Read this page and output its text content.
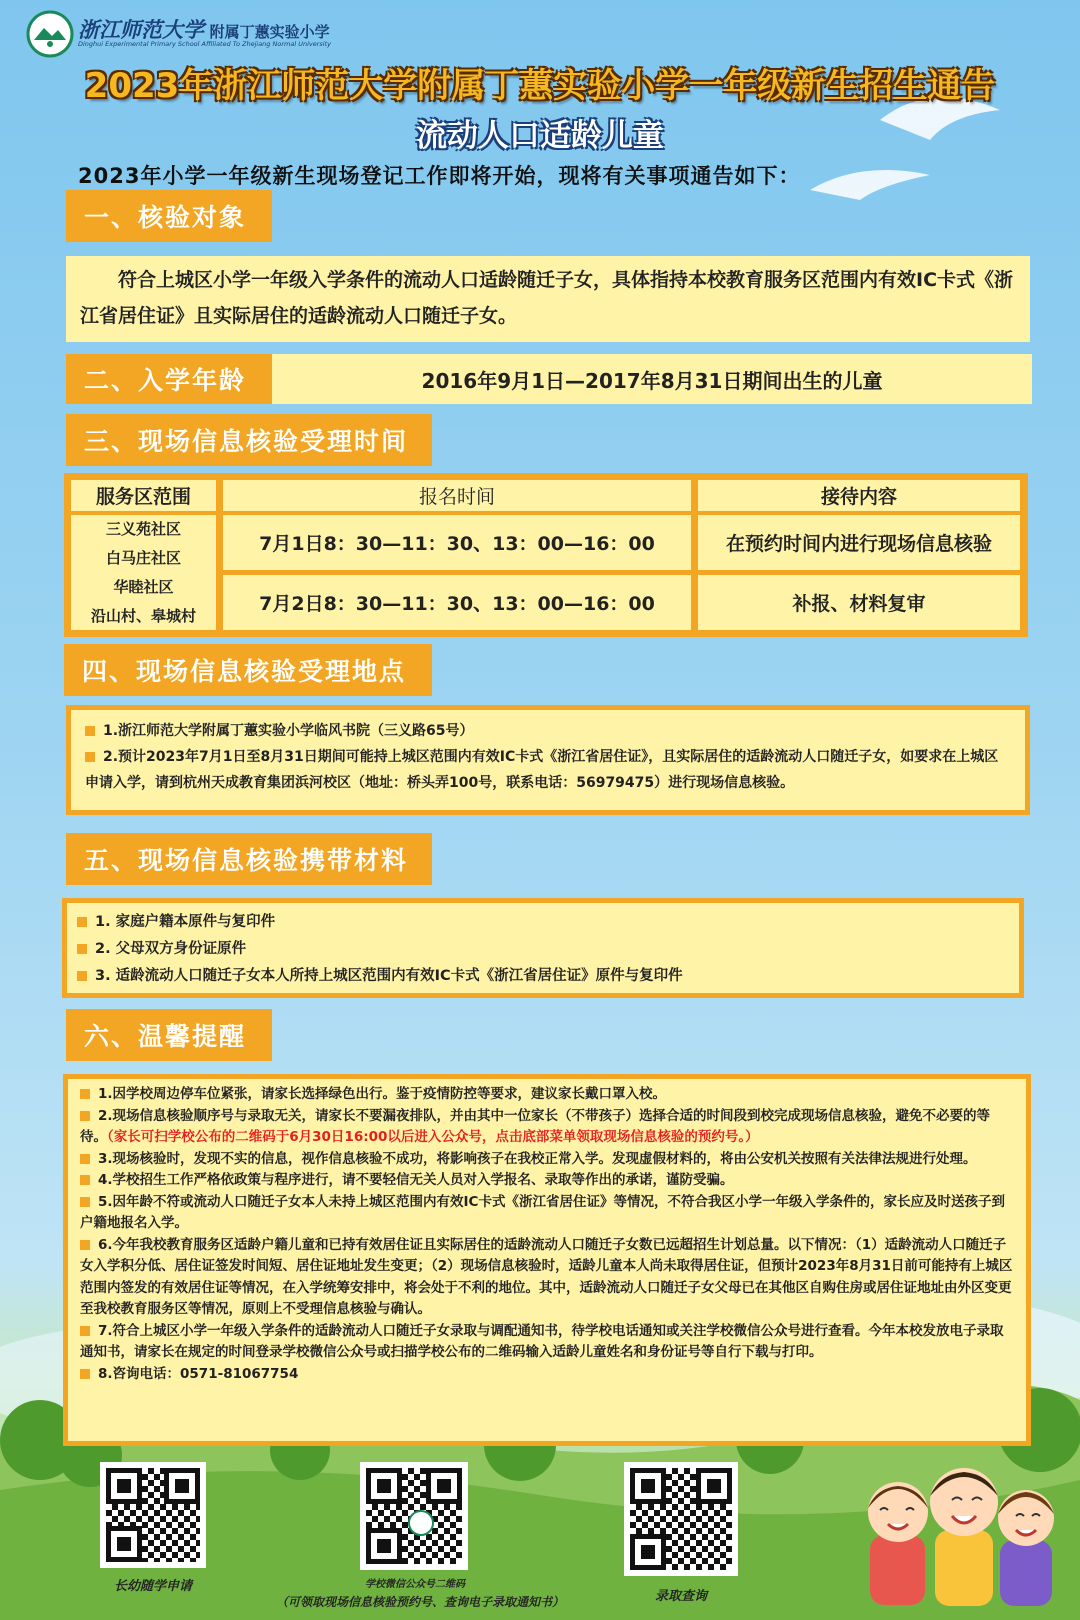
浙江师范大学 附属丁蕙实验小学
Dinghui Experimental Primary School Affiliated To Zhejiang Normal University
2023年浙江师范大学附属丁蕙实验小学一年级新生招生通告
流动人口适龄儿童
2023年小学一年级新生现场登记工作即将开始，现将有关事项通告如下：
一、核验对象
符合上城区小学一年级入学条件的流动人口适龄随迁子女，具体指持本校教育服务区范围内有效IC卡式《浙江省居住证》且实际居住的适龄流动人口随迁子女。
二、入学年龄	2016年9月1日—2017年8月31日期间出生的儿童
三、现场信息核验受理时间
服务区范围	报名时间	接待内容
三义苑社区
白马庄社区
华睦社区
沿山村、皋城村
7月1日8：30—11：30、13：00—16：00	在预约时间内进行现场信息核验
7月2日8：30—11：30、13：00—16：00	补报、材料复审
四、现场信息核验受理地点
1.浙江师范大学附属丁蕙实验小学临风书院（三义路65号）
2.预计2023年7月1日至8月31日期间可能持上城区范围内有效IC卡式《浙江省居住证》，且实际居住的适龄流动人口随迁子女，如要求在上城区申请入学，请到杭州天成教育集团浜河校区（地址：桥头弄100号，联系电话：56979475）进行现场信息核验。
五、现场信息核验携带材料
1. 家庭户籍本原件与复印件
2. 父母双方身份证原件
3. 适龄流动人口随迁子女本人所持上城区范围内有效IC卡式《浙江省居住证》原件与复印件
六、温馨提醒
1.因学校周边停车位紧张，请家长选择绿色出行。鉴于疫情防控等要求，建议家长戴口罩入校。
2.现场信息核验顺序号与录取无关，请家长不要漏夜排队，并由其中一位家长（不带孩子）选择合适的时间段到校完成现场信息核验，避免不必要的等待。（家长可扫学校公布的二维码于6月30日16:00以后进入公众号，点击底部菜单领取现场信息核验的预约号。）
3.现场核验时，发现不实的信息，视作信息核验不成功，将影响孩子在我校正常入学。发现虚假材料的，将由公安机关按照有关法律法规进行处理。
4.学校招生工作严格依政策与程序进行，请不要轻信无关人员对入学报名、录取等作出的承诺，谨防受骗。
5.因年龄不符或流动人口随迁子女本人未持上城区范围内有效IC卡式《浙江省居住证》等情况，不符合我区小学一年级入学条件的，家长应及时送孩子到户籍地报名入学。
6.今年我校教育服务区适龄户籍儿童和已持有效居住证且实际居住的适龄流动人口随迁子女数已远超招生计划总量。以下情况：（1）适龄流动人口随迁子女入学积分低、居住证签发时间短、居住证地址发生变更；（2）现场信息核验时，适龄儿童本人尚未取得居住证，但预计2023年8月31日前可能持有上城区范围内签发的有效居住证等情况，在入学统筹安排中，将会处于不利的地位。其中，适龄流动人口随迁子女父母已在其他区自购住房或居住证地址由外区变更至我校教育服务区等情况，原则上不受理信息核验与确认。
7.符合上城区小学一年级入学条件的适龄流动人口随迁子女录取与调配通知书，待学校电话通知或关注学校微信公众号进行查看。今年本校发放电子录取通知书，请家长在规定的时间登录学校微信公众号或扫描学校公布的二维码输入适龄儿童姓名和身份证号等自行下载与打印。
8.咨询电话：0571-81067754
长幼随学申请	学校微信公众号二维码
（可领取现场信息核验预约号、查询电子录取通知书）	录取查询
